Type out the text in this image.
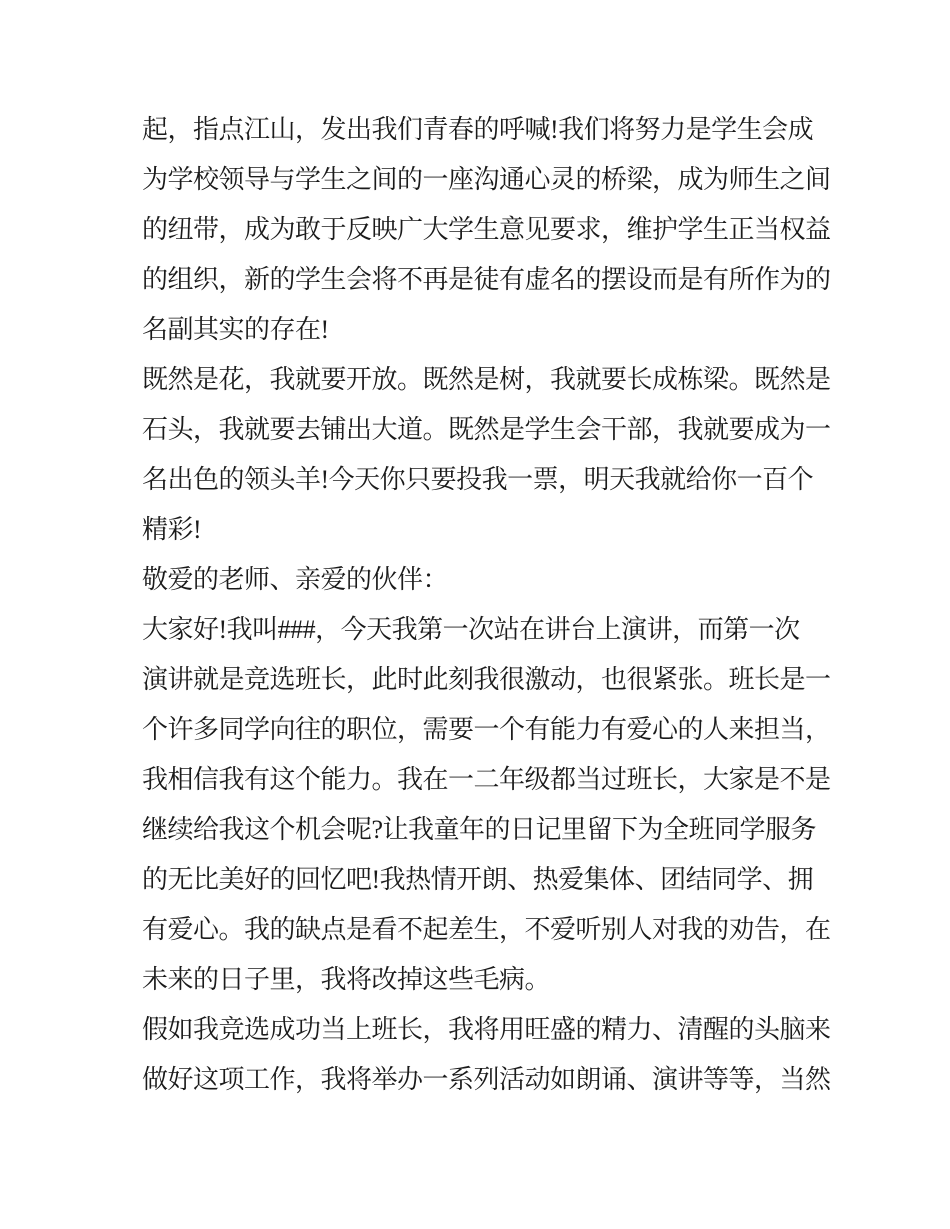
起，指点江山，发出我们青春的呼喊!我们将努力是学生会成
为学校领导与学生之间的一座沟通心灵的桥梁，成为师生之间
的纽带，成为敢于反映广大学生意见要求，维护学生正当权益
的组织，新的学生会将不再是徒有虚名的摆设而是有所作为的
名副其实的存在!
既然是花，我就要开放。既然是树，我就要长成栋梁。既然是
石头，我就要去铺出大道。既然是学生会干部，我就要成为一
名出色的领头羊!今天你只要投我一票，明天我就给你一百个
精彩!
敬爱的老师、亲爱的伙伴：
大家好!我叫###，今天我第一次站在讲台上演讲，而第一次
演讲就是竞选班长，此时此刻我很激动，也很紧张。班长是一
个许多同学向往的职位，需要一个有能力有爱心的人来担当，
我相信我有这个能力。我在一二年级都当过班长，大家是不是
继续给我这个机会呢?让我童年的日记里留下为全班同学服务
的无比美好的回忆吧!我热情开朗、热爱集体、团结同学、拥
有爱心。我的缺点是看不起差生，不爱听别人对我的劝告，在
未来的日子里，我将改掉这些毛病。
假如我竞选成功当上班长，我将用旺盛的精力、清醒的头脑来
做好这项工作，我将举办一系列活动如朗诵、演讲等等，当然
